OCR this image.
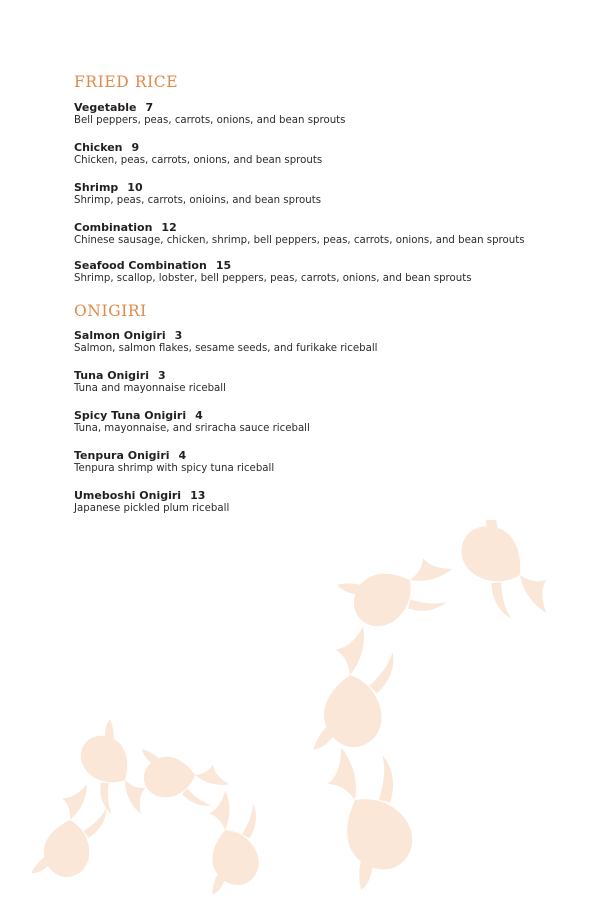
FRIED RICE
Vegetable 7
Bell peppers, peas, carrots, onions, and bean sprouts
Chicken 9
Chicken, peas, carrots, onions, and bean sprouts
Shrimp 10
Shrimp, peas, carrots, onioins, and bean sprouts
Combination 12
Chinese sausage, chicken, shrimp, bell peppers, peas, carrots, onions, and bean sprouts
Seafood Combination 15
Shrimp, scallop, lobster, bell peppers, peas, carrots, onions, and bean sprouts
ONIGIRI
Salmon Onigiri 3
Salmon, salmon flakes, sesame seeds, and furikake riceball
Tuna Onigiri 3
Tuna and mayonnaise riceball
Spicy Tuna Onigiri 4
Tuna, mayonnaise, and sriracha sauce riceball
Tenpura Onigiri 4
Tenpura shrimp with spicy tuna riceball
Umeboshi Onigiri 13
Japanese pickled plum riceball
